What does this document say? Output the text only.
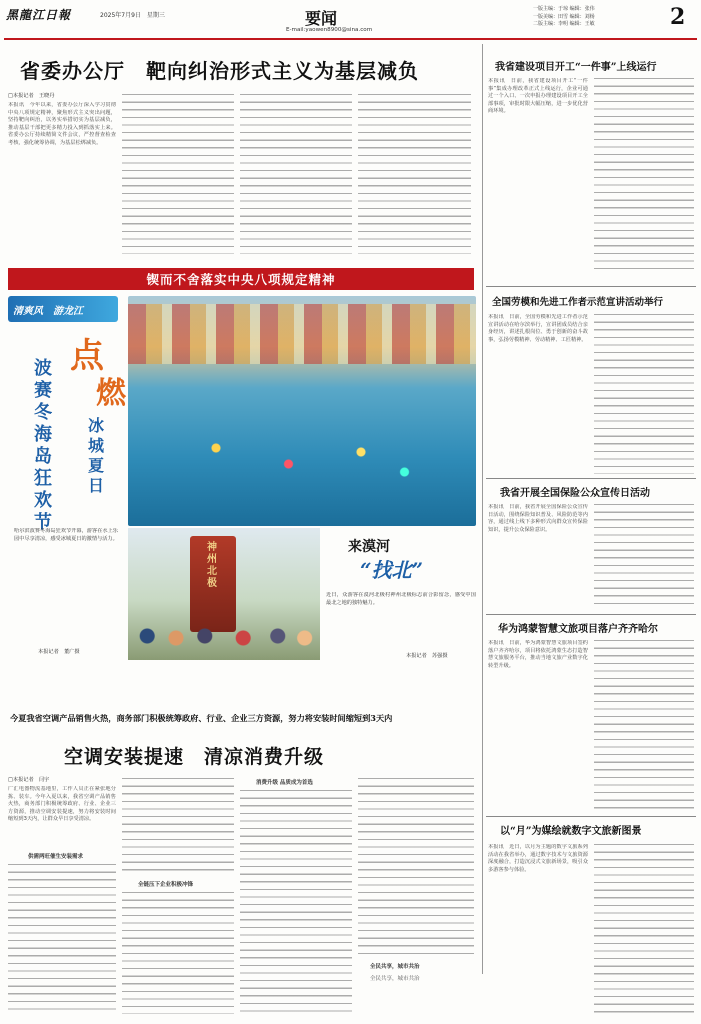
黑龍江日報	2025年7月9日　星期三	要闻
E-mail:yaowen8900@sina.com
一版主编：于琼 编辑：张伟
一版美编：田雪 编辑：刘杨
二版主编：李明 编辑：王敏	2
省委办公厅　靶向纠治形式主义为基层减负
□本报记者　王晓丹
本报讯　今年以来，省委办公厅深入学习贯彻中央八项规定精神，聚焦形式主义突出问题，坚持靶向纠治，以务实举措切实为基层减负，推动基层干部把更多精力投入到抓落实上来。省委办公厅持续精简文件会议，严控督查检查考核，强化统筹协调，为基层松绑减负。
锲而不舍落实中央八项规定精神
清爽风　游龙江
波赛冬海岛狂欢节
点
燃
冰城夏日
哈尔滨波赛冬海岛狂欢节开幕，游客在水上乐园中尽享清凉，感受冰城夏日的激情与活力。
本报记者　董广摄
神州北极
来漠河
“找北”
近日，众游客在漠河北极村神州北极标志前合影留念，感受中国最北之地的独特魅力。
本报记者　苏强摄
我省建设项目开工“一件事”上线运行
本报讯　日前，我省建设项目开工“一件事”集成办理改革正式上线运行，企业可通过一个入口、一次申报办理建设项目开工全部事项，审批时限大幅压缩，进一步优化营商环境。
全国劳模和先进工作者示范宣讲活动举行
本报讯　日前，全国劳模和先进工作者示范宣讲活动在哈尔滨举行，宣讲团成员结合亲身经历，讲述扎根岗位、勇于创新的奋斗故事，弘扬劳模精神、劳动精神、工匠精神。
我省开展全国保险公众宣传日活动
本报讯　日前，我省开展全国保险公众宣传日活动，围绕保险知识普及、风险防范等内容，通过线上线下多种形式向群众宣传保险知识，提升公众保险意识。
华为鸿蒙智慧文旅项目落户齐齐哈尔
本报讯　日前，华为鸿蒙智慧文旅项目签约落户齐齐哈尔，项目将依托鸿蒙生态打造智慧文旅服务平台，推动当地文旅产业数字化转型升级。
以“月”为媒绘就数字文旅新图景
本报讯　近日，以月为主题的数字文旅系列活动在我省举办，通过数字技术与文旅资源深度融合，打造沉浸式文旅新场景，吸引众多游客参与体验。
今夏我省空调产品销售火热，商务部门积极统筹政府、行业、企业三方资源，努力将安装时间缩短到3天内
空调安装提速　清凉消费升级
□本报记者　闫宇
广汇电器物流基地里，工作人员正在紧张地分拣、装车。今年入夏以来，我省空调产品销售火热，商务部门积极统筹政府、行业、企业三方资源，推动空调安装提速，努力将安装时间缩短到3天内，让群众早日享受清凉。
供需两旺催生安装需求
全链压下企业积极冲锋
消费升级 品质成为首选
全民共享，城市共治
全民共享，城市共治
